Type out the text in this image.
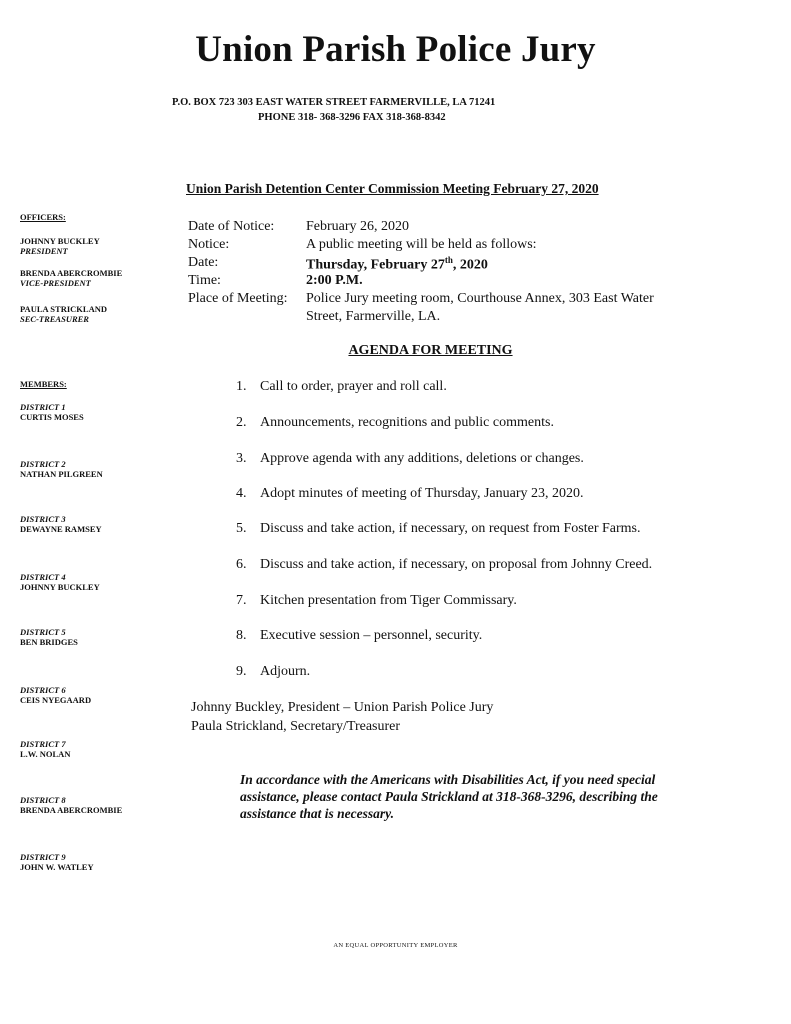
Union Parish Police Jury
P.O. BOX 723 303 EAST WATER STREET FARMERVILLE, LA 71241
PHONE 318- 368-3296 FAX 318-368-8342
Union Parish Detention Center Commission Meeting February 27, 2020
OFFICERS:
JOHNNY BUCKLEY
PRESIDENT
BRENDA ABERCROMBIE
VICE-PRESIDENT
PAULA STRICKLAND
SEC-TREASURER
MEMBERS:
DISTRICT 1
CURTIS MOSES
DISTRICT 2
NATHAN PILGREEN
DISTRICT 3
DEWAYNE RAMSEY
DISTRICT 4
JOHNNY BUCKLEY
DISTRICT 5
BEN BRIDGES
DISTRICT 6
CEIS NYEGAARD
DISTRICT 7
L.W. NOLAN
DISTRICT 8
BRENDA ABERCROMBIE
DISTRICT 9
JOHN W. WATLEY
Date of Notice: February 26, 2020
Notice:	A public meeting will be held as follows:
Date:	Thursday, February 27th, 2020
Time:	2:00 P.M.
Place of Meeting: Police Jury meeting room, Courthouse Annex, 303 East Water
Street, Farmerville, LA.
AGENDA FOR MEETING
1. Call to order, prayer and roll call.
2. Announcements, recognitions and public comments.
3. Approve agenda with any additions, deletions or changes.
4. Adopt minutes of meeting of Thursday, January 23, 2020.
5. Discuss and take action, if necessary, on request from Foster Farms.
6. Discuss and take action, if necessary, on proposal from Johnny Creed.
7. Kitchen presentation from Tiger Commissary.
8. Executive session – personnel, security.
9. Adjourn.
Johnny Buckley, President – Union Parish Police Jury
Paula Strickland, Secretary/Treasurer
In accordance with the Americans with Disabilities Act, if you need special assistance, please contact Paula Strickland at 318-368-3296, describing the assistance that is necessary.
AN EQUAL OPPORTUNITY EMPLOYER
